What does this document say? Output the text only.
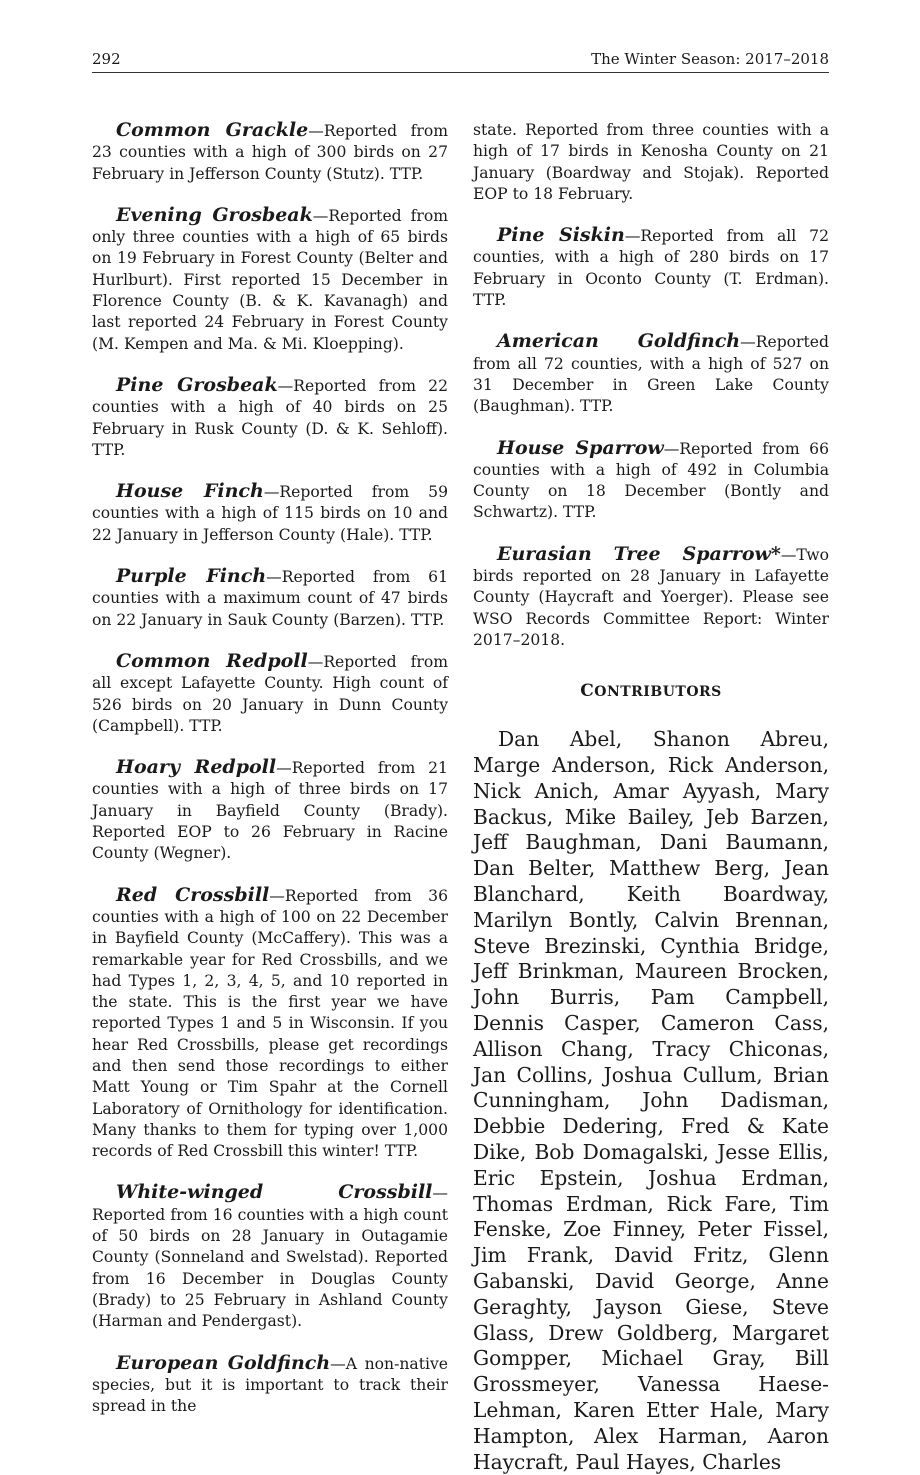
292	The Winter Season: 2017–2018

Common Grackle—Reported from 23 counties with a high of 300 birds on 27 February in Jefferson County (Stutz). TTP.

Evening Grosbeak—Reported from only three counties with a high of 65 birds on 19 February in Forest County (Belter and Hurlburt). First reported 15 December in Florence County (B. & K. Kavanagh) and last reported 24 February in Forest County (M. Kempen and Ma. & Mi. Kloepping).

Pine Grosbeak—Reported from 22 counties with a high of 40 birds on 25 February in Rusk County (D. & K. Sehloff). TTP.

House Finch—Reported from 59 counties with a high of 115 birds on 10 and 22 January in Jefferson County (Hale). TTP.

Purple Finch—Reported from 61 counties with a maximum count of 47 birds on 22 January in Sauk County (Barzen). TTP.

Common Redpoll—Reported from all except Lafayette County. High count of 526 birds on 20 January in Dunn County (Campbell). TTP.

Hoary Redpoll—Reported from 21 counties with a high of three birds on 17 January in Bayfield County (Brady). Reported EOP to 26 February in Racine County (Wegner).

Red Crossbill—Reported from 36 counties with a high of 100 on 22 December in Bayfield County (McCaffery). This was a remarkable year for Red Crossbills, and we had Types 1, 2, 3, 4, 5, and 10 reported in the state. This is the first year we have reported Types 1 and 5 in Wisconsin. If you hear Red Crossbills, please get recordings and then send those recordings to either Matt Young or Tim Spahr at the Cornell Laboratory of Ornithology for identification. Many thanks to them for typing over 1,000 records of Red Crossbill this winter! TTP.

White-winged Crossbill—Reported from 16 counties with a high count of 50 birds on 28 January in Outagamie County (Sonneland and Swelstad). Reported from 16 December in Douglas County (Brady) to 25 February in Ashland County (Harman and Pendergast).

European Goldfinch—A non-native species, but it is important to track their spread in the

state. Reported from three counties with a high of 17 birds in Kenosha County on 21 January (Boardway and Stojak). Reported EOP to 18 February.

Pine Siskin—Reported from all 72 counties, with a high of 280 birds on 17 February in Oconto County (T. Erdman). TTP.

American Goldfinch—Reported from all 72 counties, with a high of 527 on 31 December in Green Lake County (Baughman). TTP.

House Sparrow—Reported from 66 counties with a high of 492 in Columbia County on 18 December (Bontly and Schwartz). TTP.

Eurasian Tree Sparrow*—Two birds reported on 28 January in Lafayette County (Haycraft and Yoerger). Please see WSO Records Committee Report: Winter 2017–2018.

CONTRIBUTORS

Dan Abel, Shanon Abreu, Marge Anderson, Rick Anderson, Nick Anich, Amar Ayyash, Mary Backus, Mike Bailey, Jeb Barzen, Jeff Baughman, Dani Baumann, Dan Belter, Matthew Berg, Jean Blanchard, Keith Boardway, Marilyn Bontly, Calvin Brennan, Steve Brezinski, Cynthia Bridge, Jeff Brinkman, Maureen Brocken, John Burris, Pam Campbell, Dennis Casper, Cameron Cass, Allison Chang, Tracy Chiconas, Jan Collins, Joshua Cullum, Brian Cunningham, John Dadisman, Debbie Dedering, Fred & Kate Dike, Bob Domagalski, Jesse Ellis, Eric Epstein, Joshua Erdman, Thomas Erdman, Rick Fare, Tim Fenske, Zoe Finney, Peter Fissel, Jim Frank, David Fritz, Glenn Gabanski, David George, Anne Geraghty, Jayson Giese, Steve Glass, Drew Goldberg, Margaret Gompper, Michael Gray, Bill Grossmeyer, Vanessa Haese-Lehman, Karen Etter Hale, Mary Hampton, Alex Harman, Aaron Haycraft, Paul Hayes, Charles
